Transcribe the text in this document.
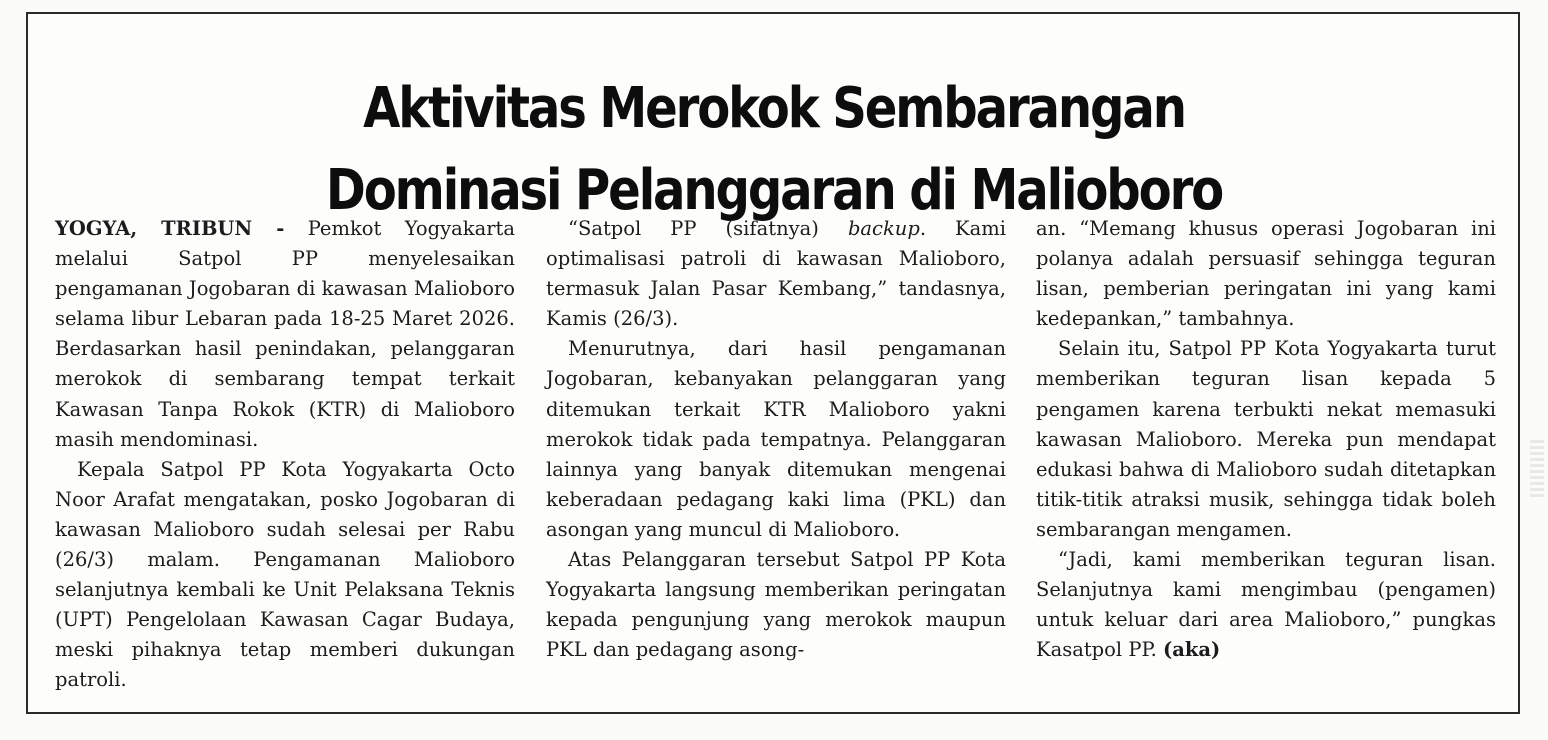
Aktivitas Merokok Sembarangan
Dominasi Pelanggaran di Malioboro

YOGYA, TRIBUN - Pemkot Yogyakarta melalui Satpol PP menyelesaikan pengamanan Jogobaran di kawasan Malioboro selama libur Lebaran pada 18-25 Maret 2026. Berdasarkan hasil penindakan, pelanggaran merokok di sembarang tempat terkait Kawasan Tanpa Rokok (KTR) di Malioboro masih mendominasi.

Kepala Satpol PP Kota Yogyakarta Octo Noor Arafat mengatakan, posko Jogobaran di kawasan Malioboro sudah selesai per Rabu (26/3) malam. Pengamanan Malioboro selanjutnya kembali ke Unit Pelaksana Teknis (UPT) Pengelolaan Kawasan Cagar Budaya, meski pihaknya tetap memberi dukungan patroli.

“Satpol PP (sifatnya) backup. Kami optimalisasi patroli di kawasan Malioboro, termasuk Jalan Pasar Kembang,” tandasnya, Kamis (26/3).

Menurutnya, dari hasil pengamanan Jogobaran, kebanyakan pelanggaran yang ditemukan terkait KTR Malioboro yakni merokok tidak pada tempatnya. Pelanggaran lainnya yang banyak ditemukan mengenai keberadaan pedagang kaki lima (PKL) dan asongan yang muncul di Malioboro.

Atas Pelanggaran tersebut Satpol PP Kota Yogyakarta langsung memberikan peringatan kepada pengunjung yang merokok maupun PKL dan pedagang asong-

an. “Memang khusus operasi Jogobaran ini polanya adalah persuasif sehingga teguran lisan, pemberian peringatan ini yang kami kedepankan,” tambahnya.

Selain itu, Satpol PP Kota Yogyakarta turut memberikan teguran lisan kepada 5 pengamen karena terbukti nekat memasuki kawasan Malioboro. Mereka pun mendapat edukasi bahwa di Malioboro sudah ditetapkan titik-titik atraksi musik, sehingga tidak boleh sembarangan mengamen.

“Jadi, kami memberikan teguran lisan. Selanjutnya kami mengimbau (pengamen) untuk keluar dari area Malioboro,” pungkas Kasatpol PP. (aka)
